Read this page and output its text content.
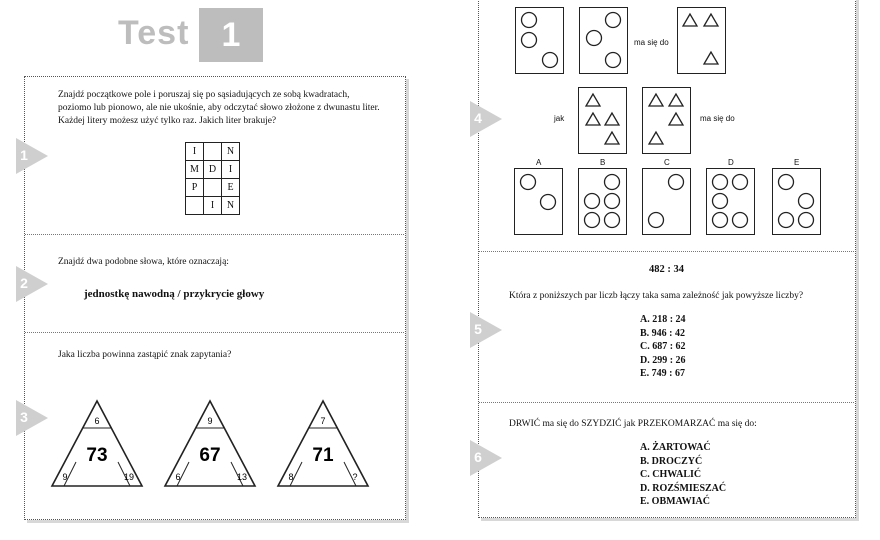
Test 1
Znajdź początkowe pole i poruszaj się po sąsiadujących ze sobą kwadratach, poziomo lub pionowo, ale nie ukośnie, aby odczytać słowo złożone z dwunastu liter. Każdej litery możesz użyć tylko raz. Jakich liter brakuje?
1	I		N
M	D	I
P		E
	I	N
Znajdź dwa podobne słowa, które oznaczają:
2
jednostkę nawodną / przykrycie głowy
Jaka liczba powinna zastąpić znak zapytania?
3	6
73
9	19
9
67
6	13
7
71
8	?
4
ma się do
jak	ma się do
A	B	C	D	E
482 : 34
Która z poniższych par liczb łączy taka sama zależność jak powyższe liczby?
5
A. 218 : 24
B. 946 : 42
C. 687 : 62
D. 299 : 26
E. 749 : 67
DRWIĆ ma się do SZYDZIĆ jak PRZEKOMARZAĆ ma się do:
6
A. ŻARTOWAĆ
B. DROCZYĆ
C. CHWALIĆ
D. ROZŚMIESZAĆ
E. OBMAWIAĆ
